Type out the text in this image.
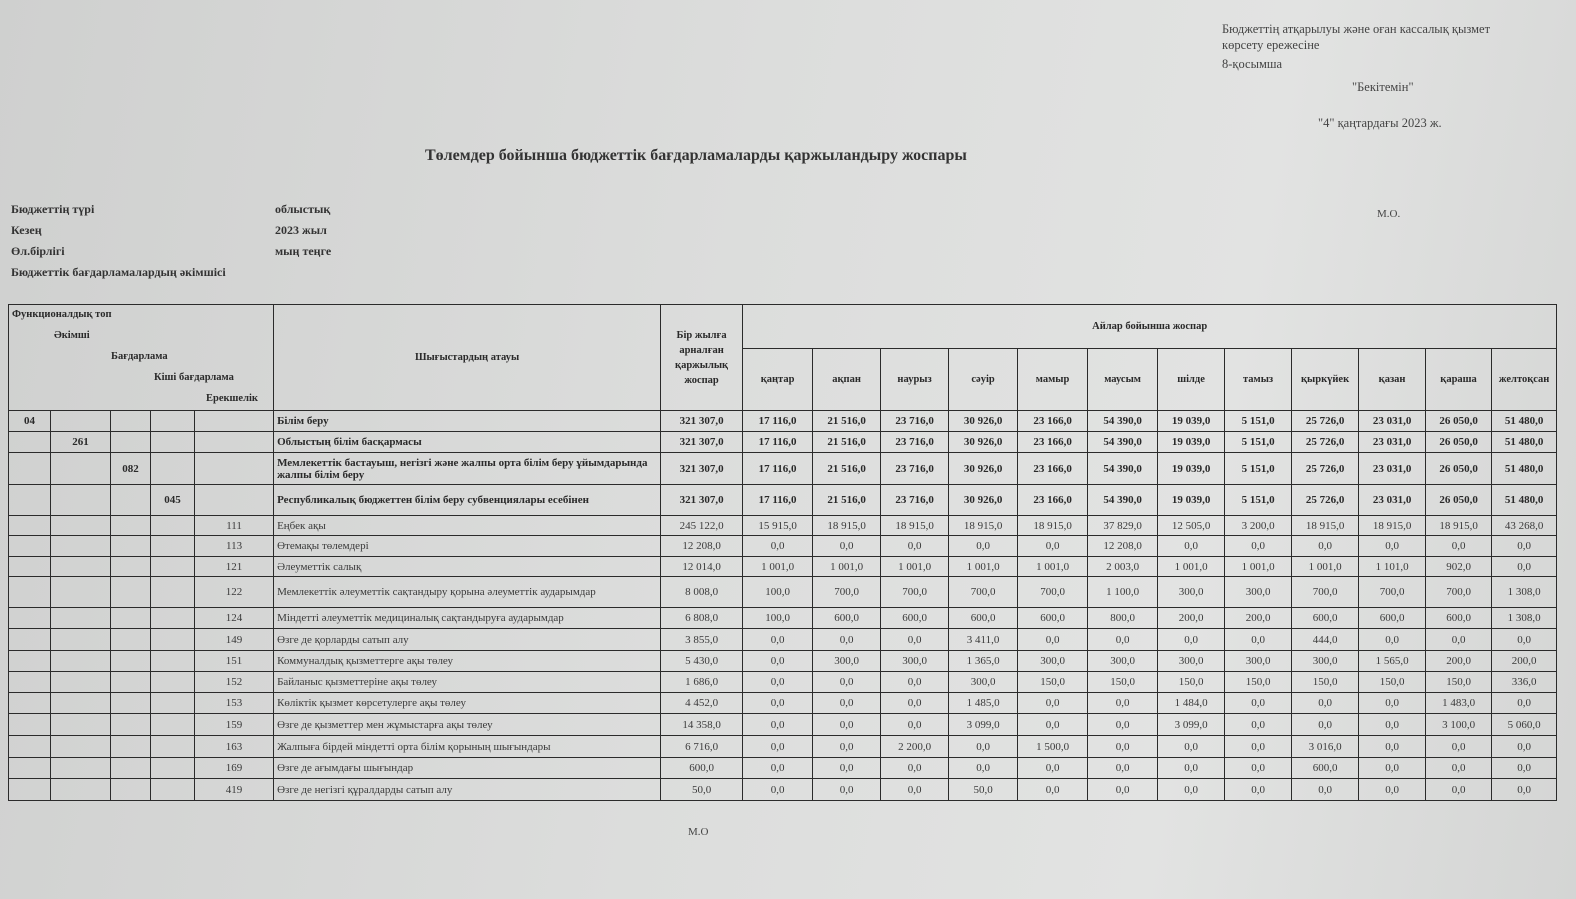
Бюджеттің атқарылуы және оған кассалық қызмет
көрсету ережесіне
8-қосымша
"Бекітемін"
"4" қаңтардағы 2023 ж.
М.О.
Төлемдер бойынша бюджеттік бағдарламаларды қаржыландыру жоспары
Бюджеттің түрі	облыстық
Кезең	2023 жыл
Өл.бірлігі	мың теңге
Бюджеттік бағдарламалардың әкімшісі
Функционалдық топ
Әкімші
Бағдарлама
Кіші бағдарлама
Ерекшелік					Шығыстардың атауы	Бір жылға арналған қаржылық жоспар	Айлар бойынша жоспар											
							қаңтар	ақпан	наурыз	сәуір	мамыр	маусым	шілде	тамыз	қыркүйек	қазан	қараша	желтоқсан
04					Білім беру	321 307,0	17 116,0	21 516,0	23 716,0	30 926,0	23 166,0	54 390,0	19 039,0	5 151,0	25 726,0	23 031,0	26 050,0	51 480,0
	261				Облыстың білім басқармасы	321 307,0	17 116,0	21 516,0	23 716,0	30 926,0	23 166,0	54 390,0	19 039,0	5 151,0	25 726,0	23 031,0	26 050,0	51 480,0
		082			Мемлекеттік бастауыш, негізгі және жалпы орта білім беру ұйымдарында жалпы білім беру	321 307,0	17 116,0	21 516,0	23 716,0	30 926,0	23 166,0	54 390,0	19 039,0	5 151,0	25 726,0	23 031,0	26 050,0	51 480,0
			045		Республикалық бюджеттен білім беру субвенциялары есебінен	321 307,0	17 116,0	21 516,0	23 716,0	30 926,0	23 166,0	54 390,0	19 039,0	5 151,0	25 726,0	23 031,0	26 050,0	51 480,0
				111	Еңбек ақы	245 122,0	15 915,0	18 915,0	18 915,0	18 915,0	18 915,0	37 829,0	12 505,0	3 200,0	18 915,0	18 915,0	18 915,0	43 268,0
				113	Өтемақы төлемдері	12 208,0	0,0	0,0	0,0	0,0	0,0	12 208,0	0,0	0,0	0,0	0,0	0,0	0,0
				121	Әлеуметтік салық	12 014,0	1 001,0	1 001,0	1 001,0	1 001,0	1 001,0	2 003,0	1 001,0	1 001,0	1 001,0	1 101,0	902,0	0,0
				122	Мемлекеттік әлеуметтік сақтандыру қорына әлеуметтік аударымдар	8 008,0	100,0	700,0	700,0	700,0	700,0	1 100,0	300,0	300,0	700,0	700,0	700,0	1 308,0
				124	Міндетті әлеуметтік медициналық сақтандыруға аударымдар	6 808,0	100,0	600,0	600,0	600,0	600,0	800,0	200,0	200,0	600,0	600,0	600,0	1 308,0
				149	Өзге де қорларды сатып алу	3 855,0	0,0	0,0	0,0	3 411,0	0,0	0,0	0,0	0,0	444,0	0,0	0,0	0,0
				151	Коммуналдық қызметтерге ақы төлеу	5 430,0	0,0	300,0	300,0	1 365,0	300,0	300,0	300,0	300,0	300,0	1 565,0	200,0	200,0
				152	Байланыс қызметтеріне ақы төлеу	1 686,0	0,0	0,0	0,0	300,0	150,0	150,0	150,0	150,0	150,0	150,0	150,0	336,0
				153	Көліктік қызмет көрсетулерге ақы төлеу	4 452,0	0,0	0,0	0,0	1 485,0	0,0	0,0	1 484,0	0,0	0,0	0,0	1 483,0	0,0
				159	Өзге де қызметтер мен жұмыстарға ақы төлеу	14 358,0	0,0	0,0	0,0	3 099,0	0,0	0,0	3 099,0	0,0	0,0	0,0	3 100,0	5 060,0
				163	Жалпыға бірдей міндетті орта білім қорының шығындары	6 716,0	0,0	0,0	2 200,0	0,0	1 500,0	0,0	0,0	0,0	3 016,0	0,0	0,0	0,0
				169	Өзге де ағымдағы шығындар	600,0	0,0	0,0	0,0	0,0	0,0	0,0	0,0	0,0	600,0	0,0	0,0	0,0
				419	Өзге де негізгі құралдарды сатып алу	50,0	0,0	0,0	0,0	50,0	0,0	0,0	0,0	0,0	0,0	0,0	0,0	0,0
М.О
